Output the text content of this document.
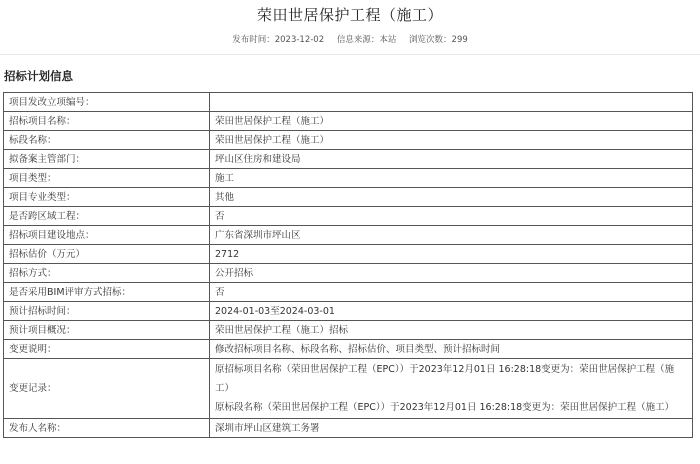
荣田世居保护工程（施工）
发布时间：2023-12-02 信息来源：本站 浏览次数：299
招标计划信息
项目发改立项编号：	
招标项目名称：	荣田世居保护工程（施工）
标段名称：	荣田世居保护工程（施工）
拟备案主管部门：	坪山区住房和建设局
项目类型：	施工
项目专业类型：	其他
是否跨区域工程：	否
招标项目建设地点：	广东省深圳市坪山区
招标估价（万元）	2712
招标方式：	公开招标
是否采用BIM评审方式招标：	否
预计招标时间：	2024-01-03至2024-03-01
预计项目概况：	荣田世居保护工程（施工）招标
变更说明：	修改招标项目名称、标段名称、招标估价、项目类型、预计招标时间
变更记录：	原招标项目名称（荣田世居保护工程（EPC））于2023年12月01日 16:28:18变更为：荣田世居保护工程（施工）
原标段名称（荣田世居保护工程（EPC））于2023年12月01日 16:28:18变更为：荣田世居保护工程（施工）
发布人名称：	深圳市坪山区建筑工务署
